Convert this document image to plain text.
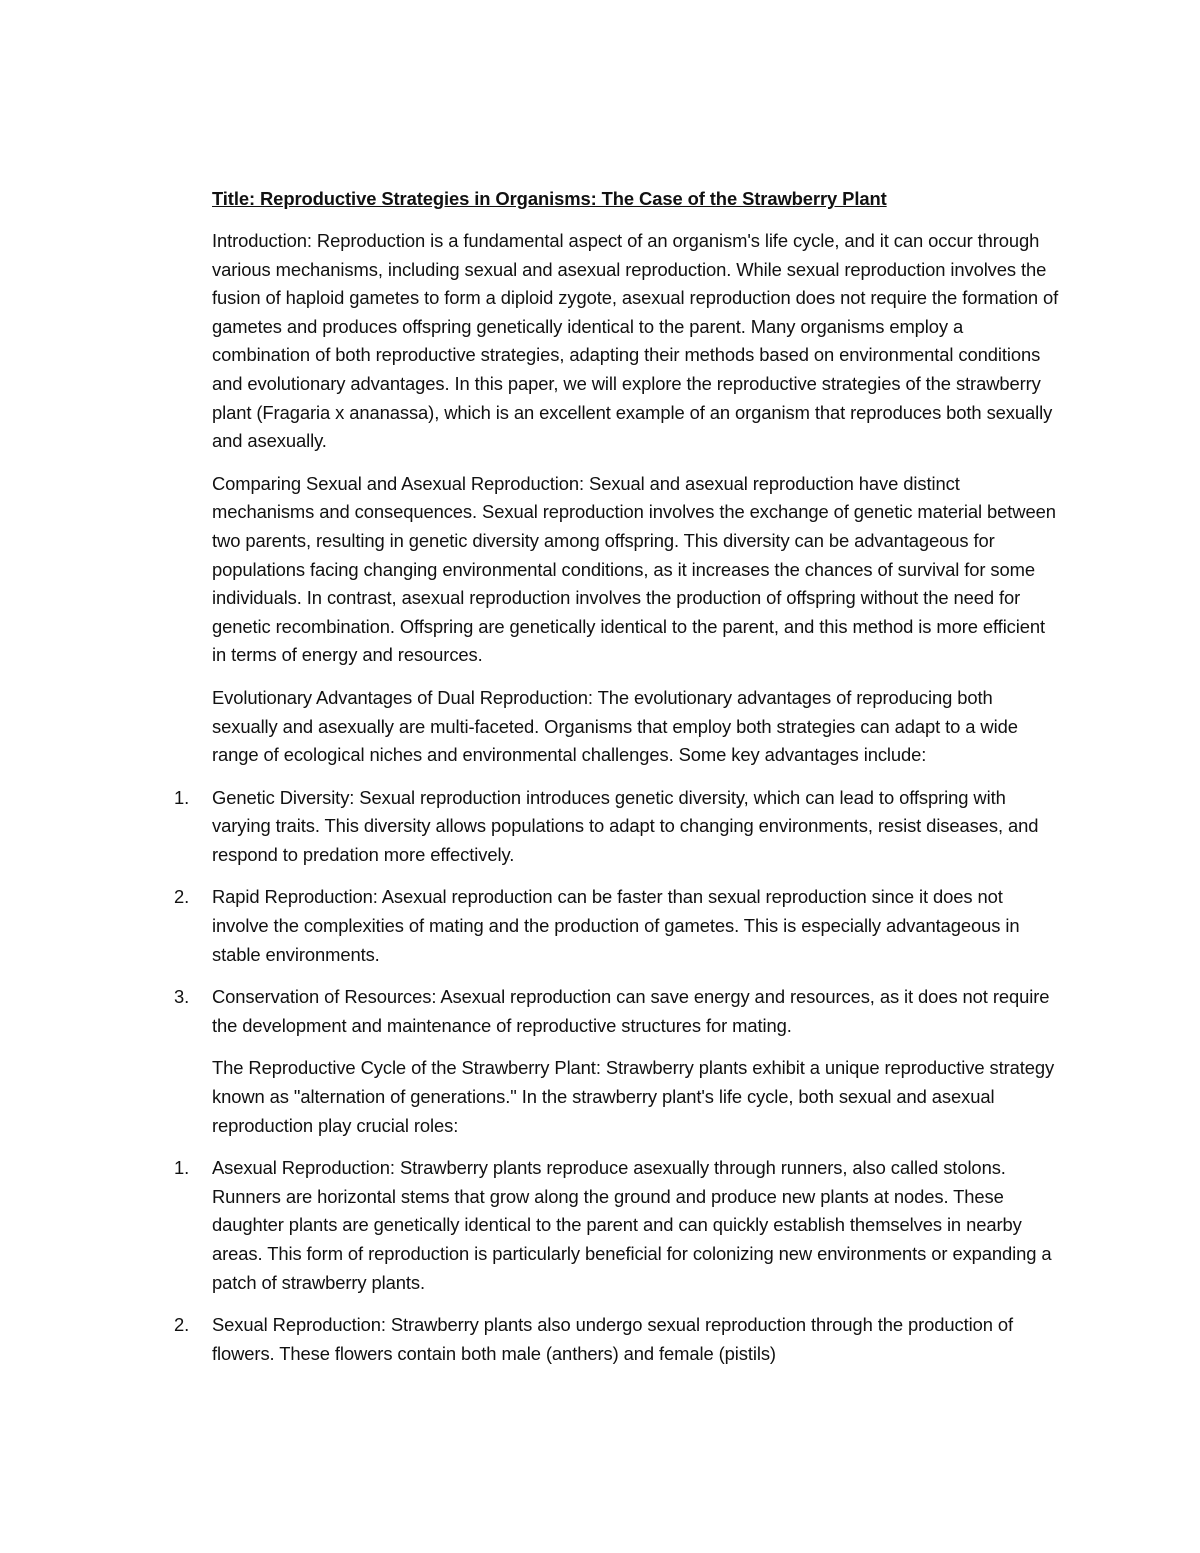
Title: Reproductive Strategies in Organisms: The Case of the Strawberry Plant

Introduction: Reproduction is a fundamental aspect of an organism's life cycle, and it can occur through various mechanisms, including sexual and asexual reproduction. While sexual reproduction involves the fusion of haploid gametes to form a diploid zygote, asexual reproduction does not require the formation of gametes and produces offspring genetically identical to the parent. Many organisms employ a combination of both reproductive strategies, adapting their methods based on environmental conditions and evolutionary advantages. In this paper, we will explore the reproductive strategies of the strawberry plant (Fragaria x ananassa), which is an excellent example of an organism that reproduces both sexually and asexually.

Comparing Sexual and Asexual Reproduction: Sexual and asexual reproduction have distinct mechanisms and consequences. Sexual reproduction involves the exchange of genetic material between two parents, resulting in genetic diversity among offspring. This diversity can be advantageous for populations facing changing environmental conditions, as it increases the chances of survival for some individuals. In contrast, asexual reproduction involves the production of offspring without the need for genetic recombination. Offspring are genetically identical to the parent, and this method is more efficient in terms of energy and resources.

Evolutionary Advantages of Dual Reproduction: The evolutionary advantages of reproducing both sexually and asexually are multi-faceted. Organisms that employ both strategies can adapt to a wide range of ecological niches and environmental challenges. Some key advantages include:

1.	Genetic Diversity: Sexual reproduction introduces genetic diversity, which can lead to offspring with varying traits. This diversity allows populations to adapt to changing environments, resist diseases, and respond to predation more effectively.
2.	Rapid Reproduction: Asexual reproduction can be faster than sexual reproduction since it does not involve the complexities of mating and the production of gametes. This is especially advantageous in stable environments.
3.	Conservation of Resources: Asexual reproduction can save energy and resources, as it does not require the development and maintenance of reproductive structures for mating.

The Reproductive Cycle of the Strawberry Plant: Strawberry plants exhibit a unique reproductive strategy known as "alternation of generations." In the strawberry plant's life cycle, both sexual and asexual reproduction play crucial roles:

1.	Asexual Reproduction: Strawberry plants reproduce asexually through runners, also called stolons. Runners are horizontal stems that grow along the ground and produce new plants at nodes. These daughter plants are genetically identical to the parent and can quickly establish themselves in nearby areas. This form of reproduction is particularly beneficial for colonizing new environments or expanding a patch of strawberry plants.
2.	Sexual Reproduction: Strawberry plants also undergo sexual reproduction through the production of flowers. These flowers contain both male (anthers) and female (pistils)
